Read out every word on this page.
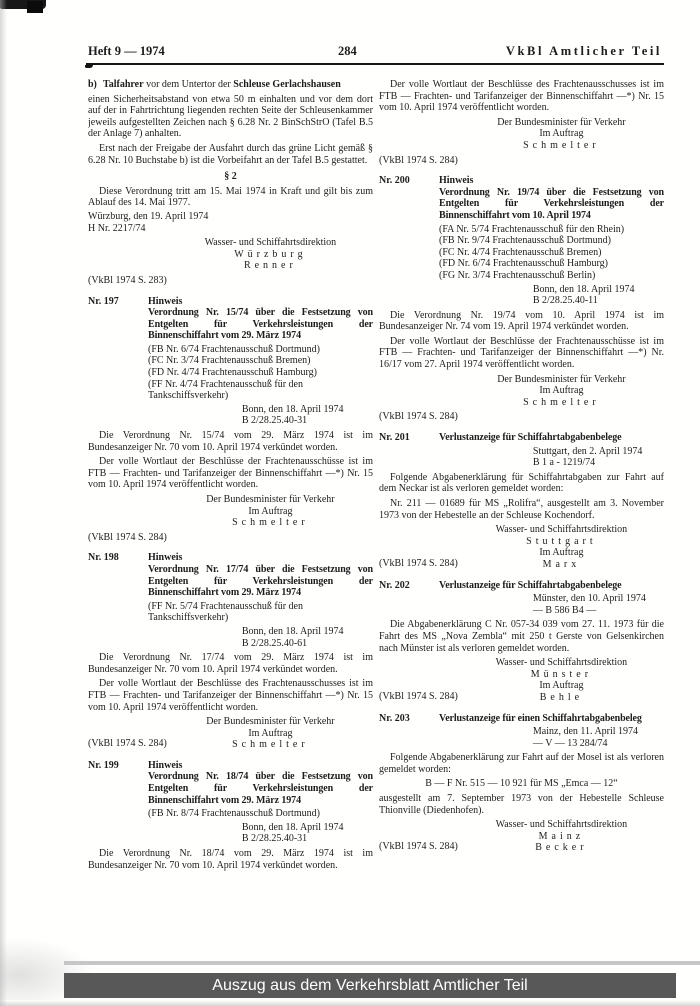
Heft 9 — 1974	284	VkBl Amtlicher Teil
b) Talfahrer vor dem Untertor der Schleuse Gerlachshausen

einen Sicherheitsabstand von etwa 50 m einhalten und vor dem dort auf der in Fahrtrichtung liegenden rechten Seite der Schleusenkammer jeweils aufgestellten Zeichen nach § 6.28 Nr. 2 BinSchStrO (Tafel B.5 der Anlage 7) anhalten.

Erst nach der Freigabe der Ausfahrt durch das grüne Licht gemäß § 6.28 Nr. 10 Buchstabe b) ist die Vorbeifahrt an der Tafel B.5 gestattet.

§ 2

Diese Verordnung tritt am 15. Mai 1974 in Kraft und gilt bis zum Ablauf des 14. Mai 1977.

Würzburg, den 19. April 1974

H Nr. 2217/74

Wasser- und Schiffahrtsdirektion
Würzburg
Renner
(VkBl 1974 S. 283)
Nr. 197	Hinweis
Verordnung Nr. 15/74 über die Festsetzung von Entgelten für Verkehrsleistungen der Binnenschiffahrt vom 29. März 1974
(FB Nr. 6/74 Frachtenausschuß Dortmund)
(FC Nr. 3/74 Frachtenausschuß Bremen)
(FD Nr. 4/74 Frachtenausschuß Hamburg)
(FF Nr. 4/74 Frachtenausschuß für den Tankschiffsverkehr)
Bonn, den 18. April 1974
B 2/28.25.40-31

Die Verordnung Nr. 15/74 vom 29. März 1974 ist im Bundesanzeiger Nr. 70 vom 10. April 1974 verkündet worden.

Der volle Wortlaut der Beschlüsse der Frachtenausschüsse ist im FTB — Frachten- und Tarifanzeiger der Binnenschiffahrt —*) Nr. 15 vom 10. April 1974 veröffentlicht worden.

Der Bundesminister für Verkehr
Im Auftrag
Schmelter
(VkBl 1974 S. 284)
Nr. 198	Hinweis
Verordnung Nr. 17/74 über die Festsetzung von Entgelten für Verkehrsleistungen der Binnenschiffahrt vom 29. März 1974
(FF Nr. 5/74 Frachtenausschuß für den Tankschiffsverkehr)
Bonn, den 18. April 1974
B 2/28.25.40-61

Die Verordnung Nr. 17/74 vom 29. März 1974 ist im Bundesanzeiger Nr. 70 vom 10. April 1974 verkündet worden.

Der volle Wortlaut der Beschlüsse des Frachtenausschusses ist im FTB — Frachten- und Tarifanzeiger der Binnenschiffahrt —*) Nr. 15 vom 10. April 1974 veröffentlicht worden.

(VkBl 1974 S. 284)
Der Bundesminister für Verkehr
Im Auftrag
Schmelter
Nr. 199	Hinweis
Verordnung Nr. 18/74 über die Festsetzung von Entgelten für Verkehrsleistungen der Binnenschiffahrt vom 29. März 1974
(FB Nr. 8/74 Frachtenausschuß Dortmund)
Bonn, den 18. April 1974
B 2/28.25.40-31

Die Verordnung Nr. 18/74 vom 29. März 1974 ist im Bundesanzeiger Nr. 70 vom 10. April 1974 verkündet worden.

Der volle Wortlaut der Beschlüsse des Frachtenausschusses ist im FTB — Frachten- und Tarifanzeiger der Binnenschiffahrt —*) Nr. 15 vom 10. April 1974 veröffentlicht worden.

Der Bundesminister für Verkehr
Im Auftrag
Schmelter
(VkBl 1974 S. 284)
Nr. 200	Hinweis
Verordnung Nr. 19/74 über die Festsetzung von Entgelten für Verkehrsleistungen der Binnenschiffahrt vom 10. April 1974
(FA Nr. 5/74 Frachtenausschuß für den Rhein)
(FB Nr. 9/74 Frachtenausschuß Dortmund)
(FC Nr. 4/74 Frachtenausschuß Bremen)
(FD Nr. 6/74 Frachtenausschuß Hamburg)
(FG Nr. 3/74 Frachtenausschuß Berlin)
Bonn, den 18. April 1974
B 2/28.25.40-11

Die Verordnung Nr. 19/74 vom 10. April 1974 ist im Bundesanzeiger Nr. 74 vom 19. April 1974 verkündet worden.

Der volle Wortlaut der Beschlüsse der Frachtenausschüsse ist im FTB — Frachten- und Tarifanzeiger der Binnenschiffahrt —*) Nr. 16/17 vom 27. April 1974 veröffentlicht worden.

Der Bundesminister für Verkehr
Im Auftrag
Schmelter
(VkBl 1974 S. 284)
Nr. 201	Verlustanzeige für Schiffahrtabgabenbelege
Stuttgart, den 2. April 1974
B 1 a - 1219/74

Folgende Abgabenerklärung für Schiffahrtabgaben zur Fahrt auf dem Neckar ist als verloren gemeldet worden:

Nr. 211 — 01689 für MS „Rolifra“, ausgestellt am 3. November 1973 von der Hebestelle an der Schleuse Kochendorf.

(VkBl 1974 S. 284)
Wasser- und Schiffahrtsdirektion
Stuttgart
Im Auftrag
Marx
Nr. 202	Verlustanzeige für Schiffahrtabgabenbelege
Münster, den 10. April 1974
— B 586 B4 —

Die Abgabenerklärung C Nr. 057-34 039 vom 27. 11. 1973 für die Fahrt des MS „Nova Zembla“ mit 250 t Gerste von Gelsenkirchen nach Münster ist als verloren gemeldet worden.

(VkBl 1974 S. 284)
Wasser- und Schiffahrtsdirektion
Münster
Im Auftrag
Behle
Nr. 203	Verlustanzeige für einen Schiffahrtabgabenbeleg
Mainz, den 11. April 1974
— V — 13 284/74

Folgende Abgabenerklärung zur Fahrt auf der Mosel ist als verloren gemeldet worden:

B — F Nr. 515 — 10 921 für MS „Emca — 12“

ausgestellt am 7. September 1973 von der Hebestelle Schleuse Thionville (Diedenhofen).

(VkBl 1974 S. 284)
Wasser- und Schiffahrtsdirektion
Mainz
Becker
Auszug aus dem Verkehrsblatt Amtlicher Teil
